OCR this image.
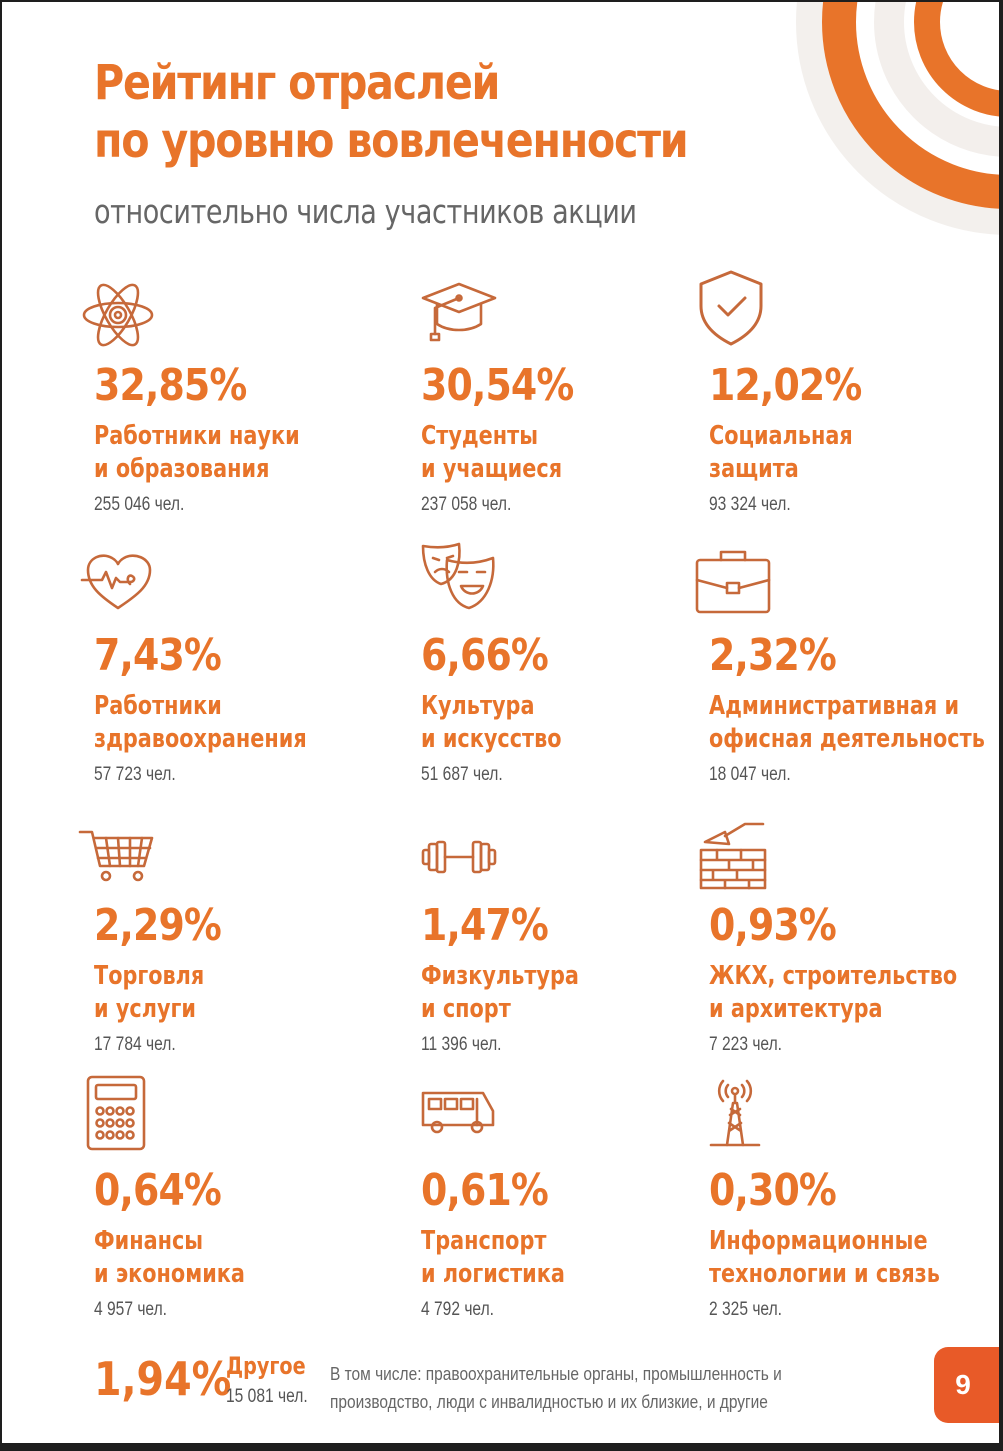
Рейтинг отраслей
по уровню вовлеченности
относительно числа участников акции
32,85%
Работники науки
и образования
255 046 чел.
30,54%
Студенты
и учащиеся
237 058 чел.
12,02%
Социальная
защита
93 324 чел.
7,43%
Работники
здравоохранения
57 723 чел.
6,66%
Культура
и искусство
51 687 чел.
2,32%
Административная и
офисная деятельность
18 047 чел.
2,29%
Торговля
и услуги
17 784 чел.
1,47%
Физкультура
и спорт
11 396 чел.
0,93%
ЖКХ, строительство
и архитектура
7 223 чел.
0,64%
Финансы
и экономика
4 957 чел.
0,61%
Транспорт
и логистика
4 792 чел.
0,30%
Информационные
технологии и связь
2 325 чел.
1,94%
Другое
15 081 чел.
В том числе: правоохранительные органы, промышленность и производство, люди с инвалидностью и их близкие, и другие
9
